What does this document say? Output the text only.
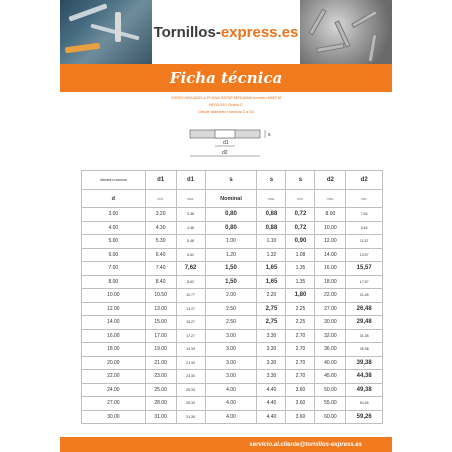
Tornillos- express.es
Ficha técnica
VSR03 ARANDELA PLANA SERIE MEDIANA formato 6080 M
NF03-510 Grado C
Desde diámetro nominal 3 a 52
d1
d2
s
diametro nominal	d1	d1	s	s	s	d2	d2
d	min.	max.	Nominal	max.	min.	max.	min.
3.00	3.20	3.38	0,80	0,88	0,72	8.00	7.64
4.00	4.30	4.48	0,80	0,88	0,72	10.00	9.64
5.00	5.30	5.48	1.00	1.10	0,90	12.00	11.57
6.00	6.40	6.62	1.20	1.32	1.08	14.00	13.57
7.00	7.40	7,62	1,50	1,65	1.35	16.00	15,57
8.00	8.40	8.62	1,50	1,65	1.35	18.00	17.57
10.00	10.50	10.77	2.00	2.20	1,80	22.00	21.48
12.00	13.00	13.27	2.50	2,75	2.25	27.00	26,48
14.00	15.00	15.27	2.50	2,75	2.25	30.00	29,48
16.00	17.00	17.27	3.00	3.30	2.70	32.00	31.38
18.00	19.00	19.33	3.00	3.30	2.70	36.00	35.38
20.00	21.00	21.33	3.00	3.30	2.70	40.00	39,38
22.00	23.00	23.33	3.00	3.30	2.70	45.00	44,38
24.00	25.00	25.33	4.00	4.40	3.60	50.00	49,38
27.00	28.00	28.33	4.00	4.40	3.60	55.00	54.26
30.00	31.00	31.39	4.00	4.40	3.60	60.00	59,26
servicio.al.cliente@tornillos-express.es
